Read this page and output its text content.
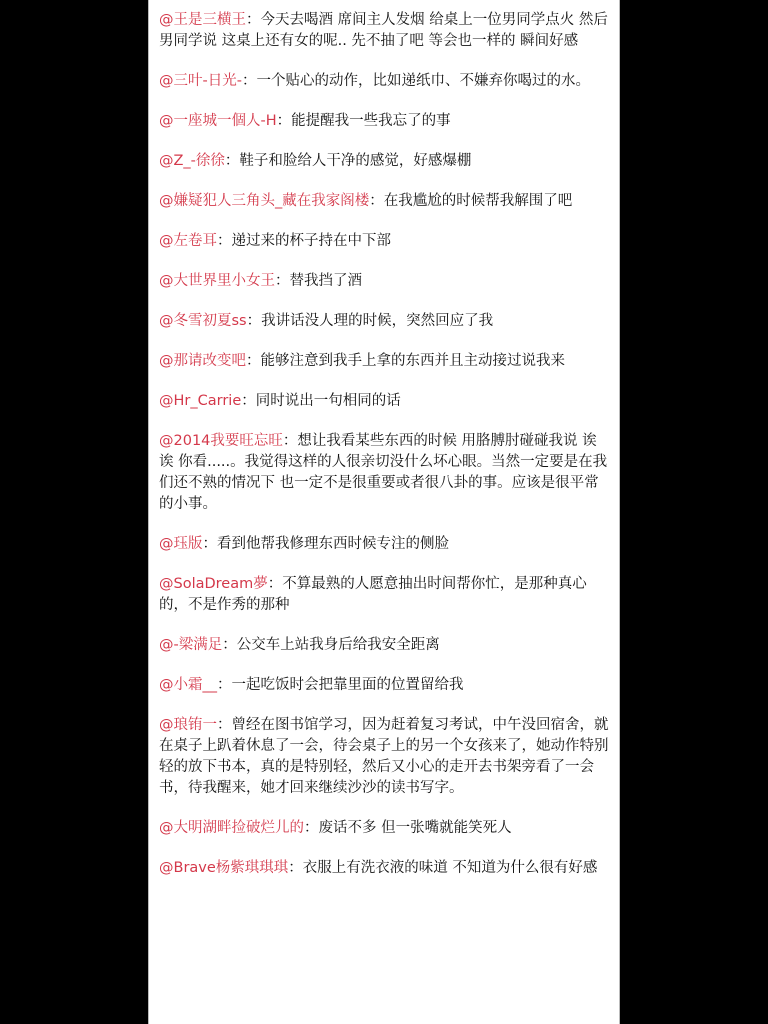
@王是三横王：今天去喝酒 席间主人发烟 给桌上一位男同学点火 然后男同学说 这桌上还有女的呢.. 先不抽了吧 等会也一样的 瞬间好感
@三叶-日光-：一个贴心的动作，比如递纸巾、不嫌弃你喝过的水。
@一座城一個人-H：能提醒我一些我忘了的事
@Z_-徐徐：鞋子和脸给人干净的感觉，好感爆棚
@嫌疑犯人三角头_藏在我家阁楼：在我尴尬的时候帮我解围了吧
@左卷耳：递过来的杯子持在中下部
@大世界里小女王：替我挡了酒
@冬雪初夏ss：我讲话没人理的时候，突然回应了我
@那请改变吧：能够注意到我手上拿的东西并且主动接过说我来
@Hr_Carrie：同时说出一句相同的话
@2014我要旺忘旺：想让我看某些东西的时候 用胳膊肘碰碰我说 诶诶 你看.....。我觉得这样的人很亲切没什么坏心眼。当然一定要是在我们还不熟的情况下 也一定不是很重要或者很八卦的事。应该是很平常的小事。
@珏版：看到他帮我修理东西时候专注的侧脸
@SolaDream夢：不算最熟的人愿意抽出时间帮你忙，是那种真心的，不是作秀的那种
@-梁满足：公交车上站我身后给我安全距离
@小霜__：一起吃饭时会把靠里面的位置留给我
@琅铕一：曾经在图书馆学习，因为赶着复习考试，中午没回宿舍，就在桌子上趴着休息了一会，待会桌子上的另一个女孩来了，她动作特别轻的放下书本，真的是特别轻，然后又小心的走开去书架旁看了一会书，待我醒来，她才回来继续沙沙的读书写字。
@大明湖畔捡破烂儿的：废话不多 但一张嘴就能笑死人
@Brave杨紫琪琪琪：衣服上有洗衣液的味道 不知道为什么很有好感
